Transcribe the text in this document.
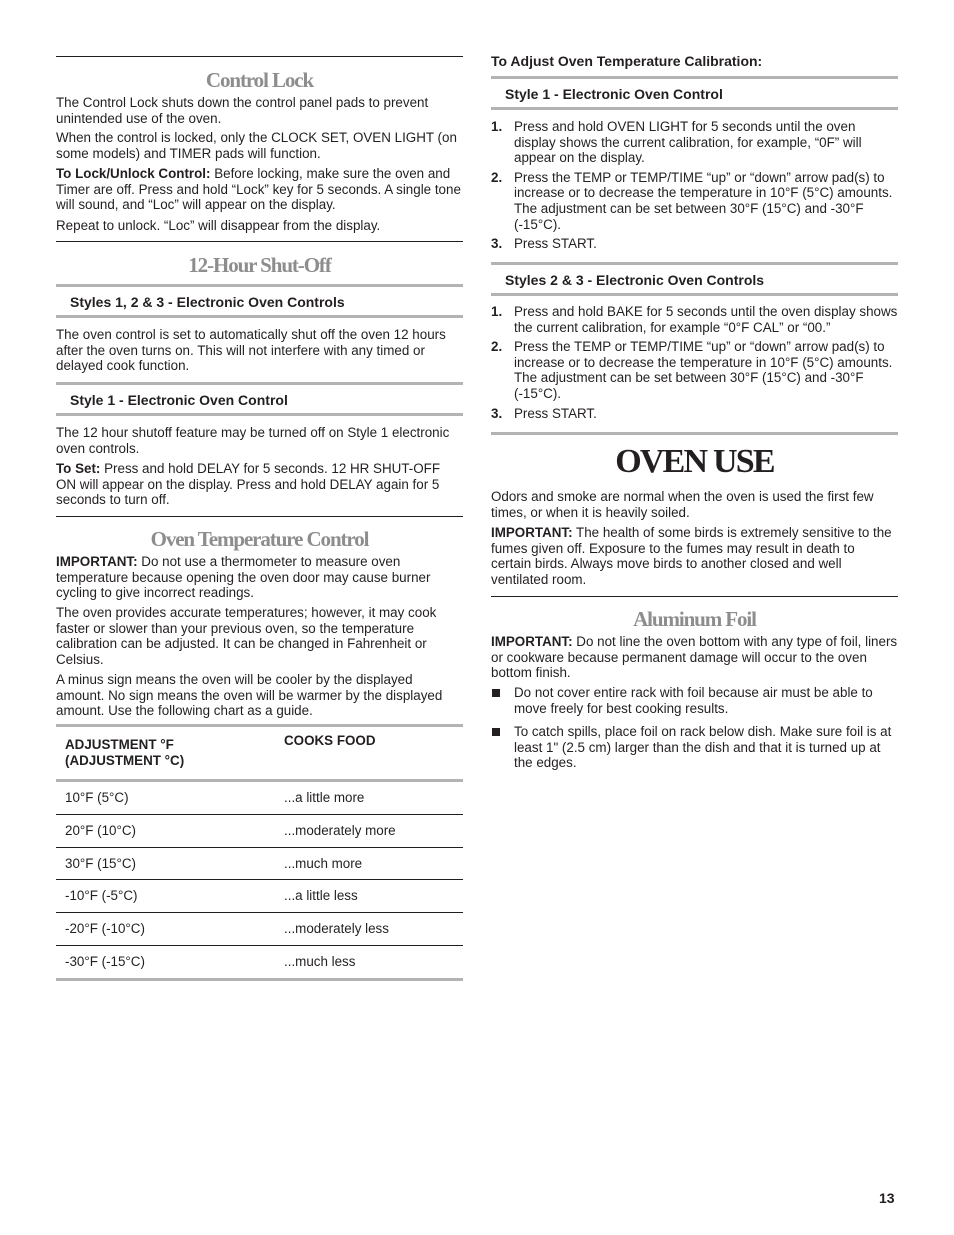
Control Lock

The Control Lock shuts down the control panel pads to prevent unintended use of the oven.

When the control is locked, only the CLOCK SET, OVEN LIGHT (on some models) and TIMER pads will function.

To Lock/Unlock Control: Before locking, make sure the oven and Timer are off. Press and hold “Lock” key for 5 seconds. A single tone will sound, and “Loc” will appear on the display.

Repeat to unlock. “Loc” will disappear from the display.

12-Hour Shut-Off
Styles 1, 2 & 3 - Electronic Oven Controls

The oven control is set to automatically shut off the oven 12 hours after the oven turns on. This will not interfere with any timed or delayed cook function.

Style 1 - Electronic Oven Control

The 12 hour shutoff feature may be turned off on Style 1 electronic oven controls.

To Set: Press and hold DELAY for 5 seconds. 12 HR SHUT-OFF ON will appear on the display. Press and hold DELAY again for 5 seconds to turn off.

Oven Temperature Control

IMPORTANT: Do not use a thermometer to measure oven temperature because opening the oven door may cause burner cycling to give incorrect readings.

The oven provides accurate temperatures; however, it may cook faster or slower than your previous oven, so the temperature calibration can be adjusted. It can be changed in Fahrenheit or Celsius.

A minus sign means the oven will be cooler by the displayed amount. No sign means the oven will be warmer by the displayed amount. Use the following chart as a guide.

ADJUSTMENT °F
(ADJUSTMENT °C)	COOKS FOOD
10°F (5°C)	...a little more
20°F (10°C)	...moderately more
30°F (15°C)	...much more
-10°F (-5°C)	...a little less
-20°F (-10°C)	...moderately less
-30°F (-15°C)	...much less
To Adjust Oven Temperature Calibration:
Style 1 - Electronic Oven Control
1. Press and hold OVEN LIGHT for 5 seconds until the oven display shows the current calibration, for example, “0F” will appear on the display.
2. Press the TEMP or TEMP/TIME “up” or “down” arrow pad(s) to increase or to decrease the temperature in 10°F (5°C) amounts. The adjustment can be set between 30°F (15°C) and -30°F (-15°C).
3. Press START.
Styles 2 & 3 - Electronic Oven Controls
1. Press and hold BAKE for 5 seconds until the oven display shows the current calibration, for example “0°F CAL” or “00.”
2. Press the TEMP or TEMP/TIME “up” or “down” arrow pad(s) to increase or to decrease the temperature in 10°F (5°C) amounts. The adjustment can be set between 30°F (15°C) and -30°F (-15°C).
3. Press START.
OVEN USE

Odors and smoke are normal when the oven is used the first few times, or when it is heavily soiled.

IMPORTANT: The health of some birds is extremely sensitive to the fumes given off. Exposure to the fumes may result in death to certain birds. Always move birds to another closed and well ventilated room.

Aluminum Foil

IMPORTANT: Do not line the oven bottom with any type of foil, liners or cookware because permanent damage will occur to the oven bottom finish.

Do not cover entire rack with foil because air must be able to move freely for best cooking results.
To catch spills, place foil on rack below dish. Make sure foil is at least 1" (2.5 cm) larger than the dish and that it is turned up at the edges.
13
